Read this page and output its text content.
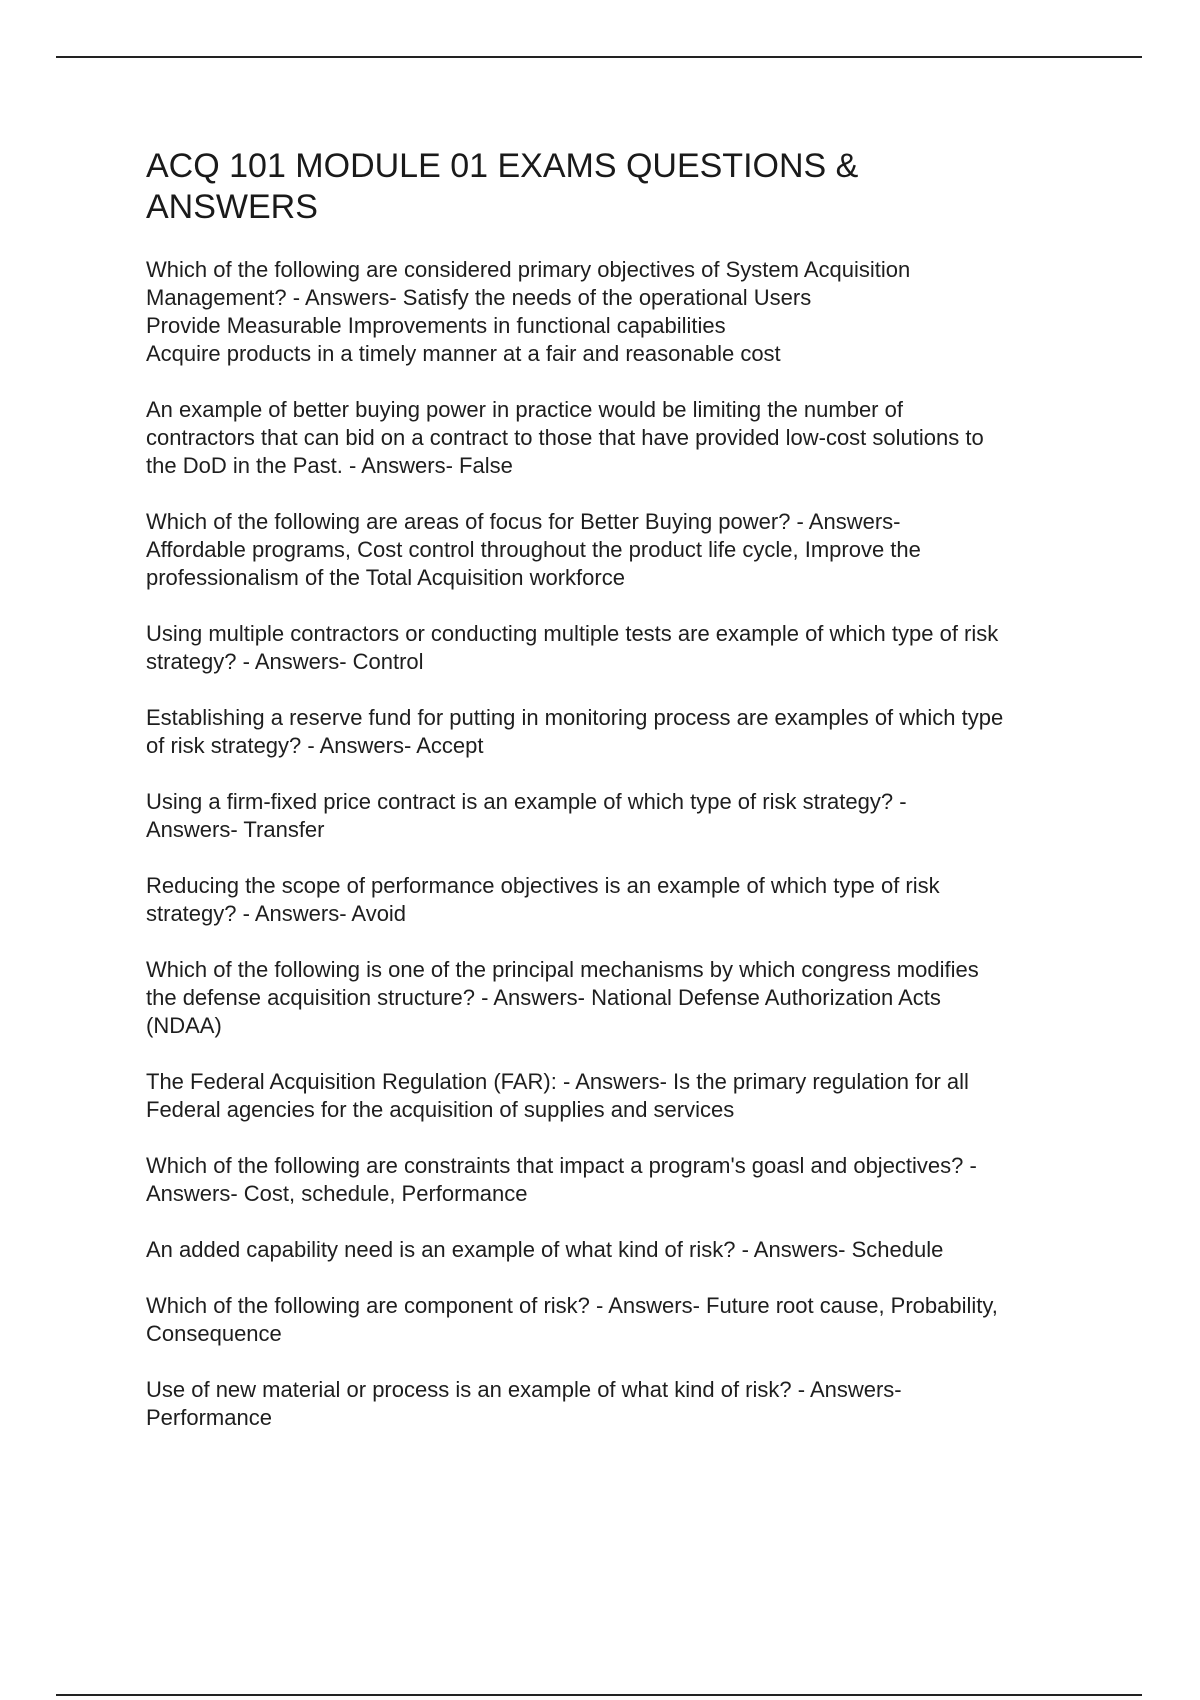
ACQ 101 MODULE 01 EXAMS QUESTIONS &
ANSWERS

Which of the following are considered primary objectives of System Acquisition
Management? - Answers- Satisfy the needs of the operational Users
Provide Measurable Improvements in functional capabilities
Acquire products in a timely manner at a fair and reasonable cost

An example of better buying power in practice would be limiting the number of
contractors that can bid on a contract to those that have provided low-cost solutions to
the DoD in the Past. - Answers- False

Which of the following are areas of focus for Better Buying power? - Answers-
Affordable programs, Cost control throughout the product life cycle, Improve the
professionalism of the Total Acquisition workforce

Using multiple contractors or conducting multiple tests are example of which type of risk
strategy? - Answers- Control

Establishing a reserve fund for putting in monitoring process are examples of which type
of risk strategy? - Answers- Accept

Using a firm-fixed price contract is an example of which type of risk strategy? -
Answers- Transfer

Reducing the scope of performance objectives is an example of which type of risk
strategy? - Answers- Avoid

Which of the following is one of the principal mechanisms by which congress modifies
the defense acquisition structure? - Answers- National Defense Authorization Acts
(NDAA)

The Federal Acquisition Regulation (FAR): - Answers- Is the primary regulation for all
Federal agencies for the acquisition of supplies and services

Which of the following are constraints that impact a program's goasl and objectives? -
Answers- Cost, schedule, Performance

An added capability need is an example of what kind of risk? - Answers- Schedule

Which of the following are component of risk? - Answers- Future root cause, Probability,
Consequence

Use of new material or process is an example of what kind of risk? - Answers-
Performance
